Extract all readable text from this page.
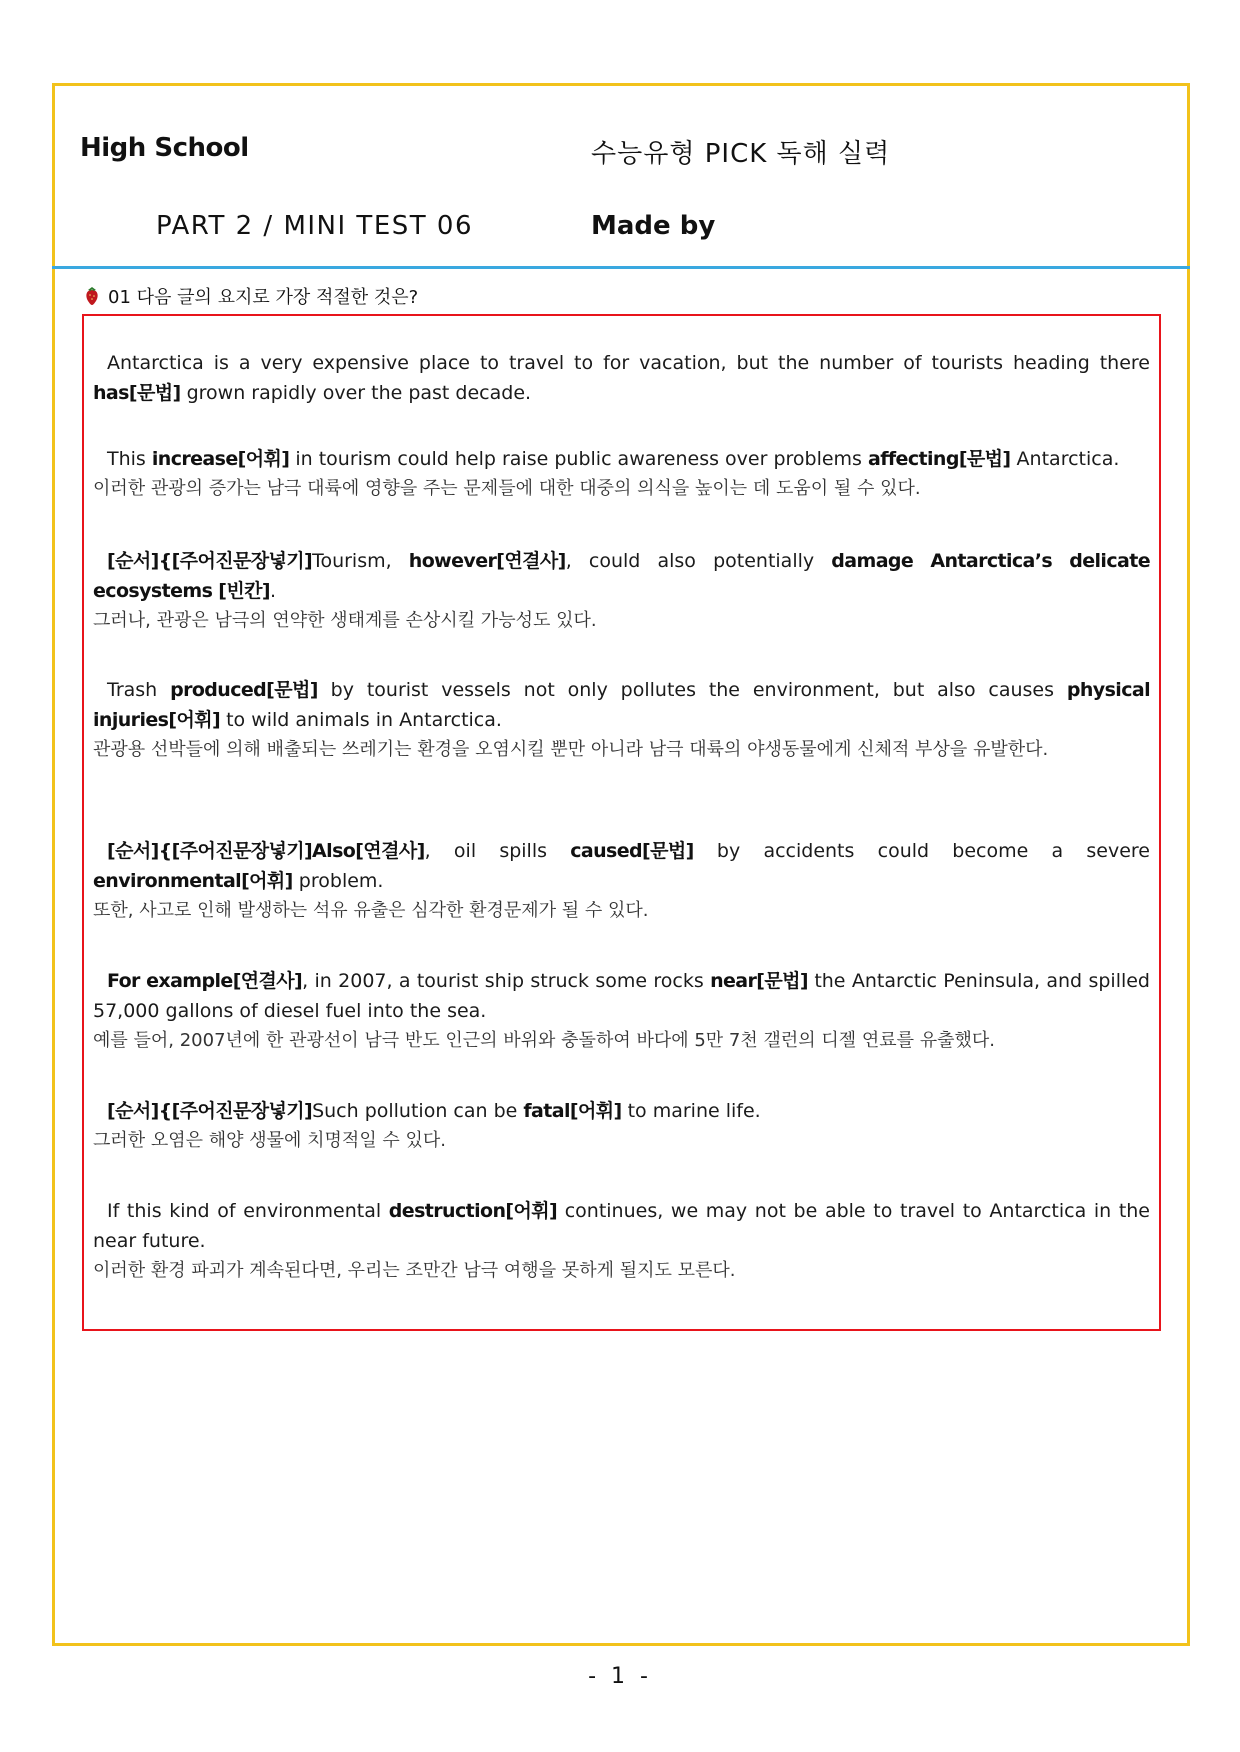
High School	수능유형 PICK 독해 실력
PART 2 / MINI TEST 06	Made by
01 다음 글의 요지로 가장 적절한 것은?
Antarctica is a very expensive place to travel to for vacation, but the number of tourists heading there has[문법] grown rapidly over the past decade.
This increase[어휘] in tourism could help raise public awareness over problems affecting[문법] Antarctica.
이러한 관광의 증가는 남극 대륙에 영향을 주는 문제들에 대한 대중의 의식을 높이는 데 도움이 될 수 있다.
[순서]{[주어진문장넣기]Tourism, however[연결사], could also potentially damage Antarctica’s delicate ecosystems [빈칸].
그러나, 관광은 남극의 연약한 생태계를 손상시킬 가능성도 있다.
Trash produced[문법] by tourist vessels not only pollutes the environment, but also causes physical injuries[어휘] to wild animals in Antarctica.
관광용 선박들에 의해 배출되는 쓰레기는 환경을 오염시킬 뿐만 아니라 남극 대륙의 야생동물에게 신체적 부상을 유발한다.
[순서]{[주어진문장넣기]Also[연결사], oil spills caused[문법] by accidents could become a severe environmental[어휘] problem.
또한, 사고로 인해 발생하는 석유 유출은 심각한 환경문제가 될 수 있다.
For example[연결사], in 2007, a tourist ship struck some rocks near[문법] the Antarctic Peninsula, and spilled 57,000 gallons of diesel fuel into the sea.
예를 들어, 2007년에 한 관광선이 남극 반도 인근의 바위와 충돌하여 바다에 5만 7천 갤런의 디젤 연료를 유출했다.
[순서]{[주어진문장넣기]Such pollution can be fatal[어휘] to marine life.
그러한 오염은 해양 생물에 치명적일 수 있다.
If this kind of environmental destruction[어휘] continues, we may not be able to travel to Antarctica in the near future.
이러한 환경 파괴가 계속된다면, 우리는 조만간 남극 여행을 못하게 될지도 모른다.
- 1 -
